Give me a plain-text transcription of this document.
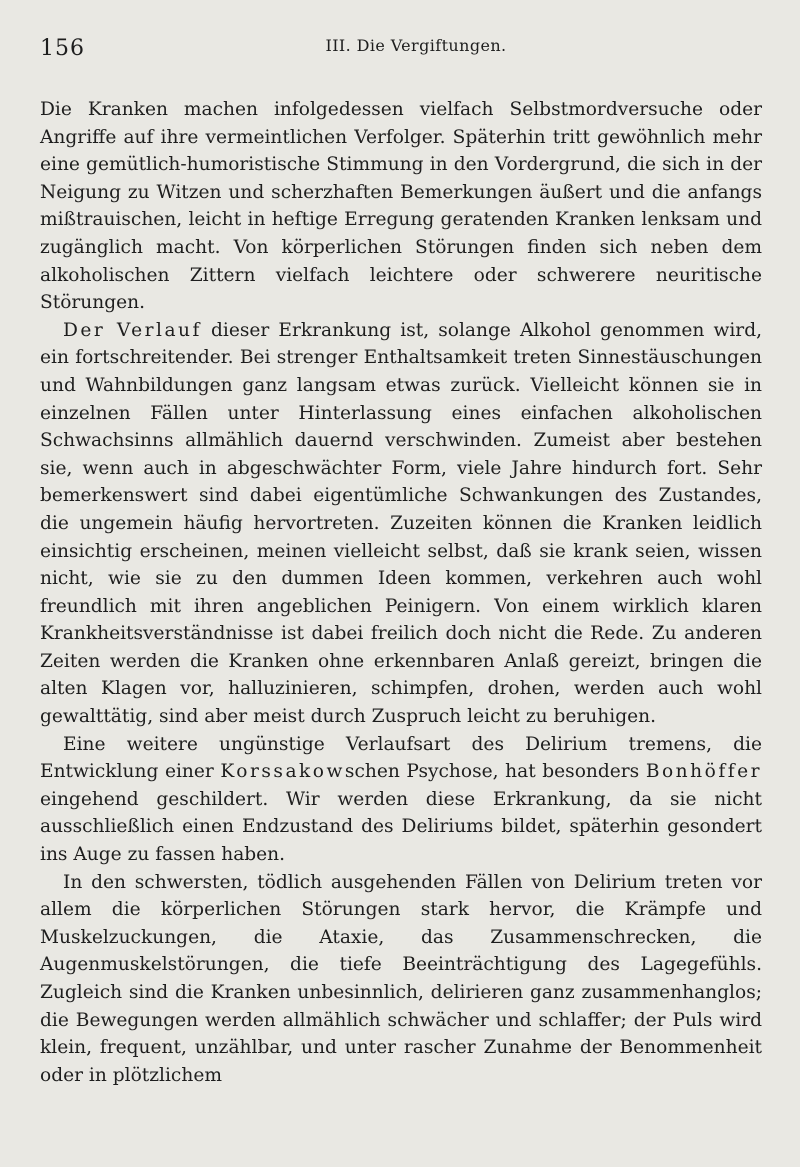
156	III. Die Vergiftungen.

Die Kranken machen infolgedessen vielfach Selbstmordversuche oder Angriffe auf ihre vermeintlichen Verfolger. Späterhin tritt gewöhnlich mehr eine gemütlich-humoristische Stimmung in den Vordergrund, die sich in der Neigung zu Witzen und scherzhaften Bemerkungen äußert und die anfangs mißtrauischen, leicht in heftige Erregung geratenden Kranken lenksam und zugänglich macht. Von körperlichen Störungen finden sich neben dem alkoholischen Zittern vielfach leichtere oder schwerere neuritische Störungen.

Der Verlauf dieser Erkrankung ist, solange Alkohol genommen wird, ein fortschreitender. Bei strenger Enthaltsamkeit treten Sinnestäuschungen und Wahnbildungen ganz langsam etwas zurück. Vielleicht können sie in einzelnen Fällen unter Hinterlassung eines einfachen alkoholischen Schwachsinns allmählich dauernd verschwinden. Zumeist aber bestehen sie, wenn auch in abgeschwächter Form, viele Jahre hindurch fort. Sehr bemerkenswert sind dabei eigentümliche Schwankungen des Zustandes, die ungemein häufig hervortreten. Zuzeiten können die Kranken leidlich einsichtig erscheinen, meinen vielleicht selbst, daß sie krank seien, wissen nicht, wie sie zu den dummen Ideen kommen, verkehren auch wohl freundlich mit ihren angeblichen Peinigern. Von einem wirklich klaren Krankheitsverständnisse ist dabei freilich doch nicht die Rede. Zu anderen Zeiten werden die Kranken ohne erkennbaren Anlaß gereizt, bringen die alten Klagen vor, halluzinieren, schimpfen, drohen, werden auch wohl gewalttätig, sind aber meist durch Zuspruch leicht zu beruhigen.

Eine weitere ungünstige Verlaufsart des Delirium tremens, die Entwicklung einer Korssakowschen Psychose, hat besonders Bonhöffer eingehend geschildert. Wir werden diese Erkrankung, da sie nicht ausschließlich einen Endzustand des Deliriums bildet, späterhin gesondert ins Auge zu fassen haben.

In den schwersten, tödlich ausgehenden Fällen von Delirium treten vor allem die körperlichen Störungen stark hervor, die Krämpfe und Muskelzuckungen, die Ataxie, das Zusammenschrecken, die Augenmuskelstörungen, die tiefe Beeinträchtigung des Lagegefühls. Zugleich sind die Kranken unbesinnlich, delirieren ganz zusammenhanglos; die Bewegungen werden allmählich schwächer und schlaffer; der Puls wird klein, frequent, unzählbar, und unter rascher Zunahme der Benommenheit oder in plötzlichem
